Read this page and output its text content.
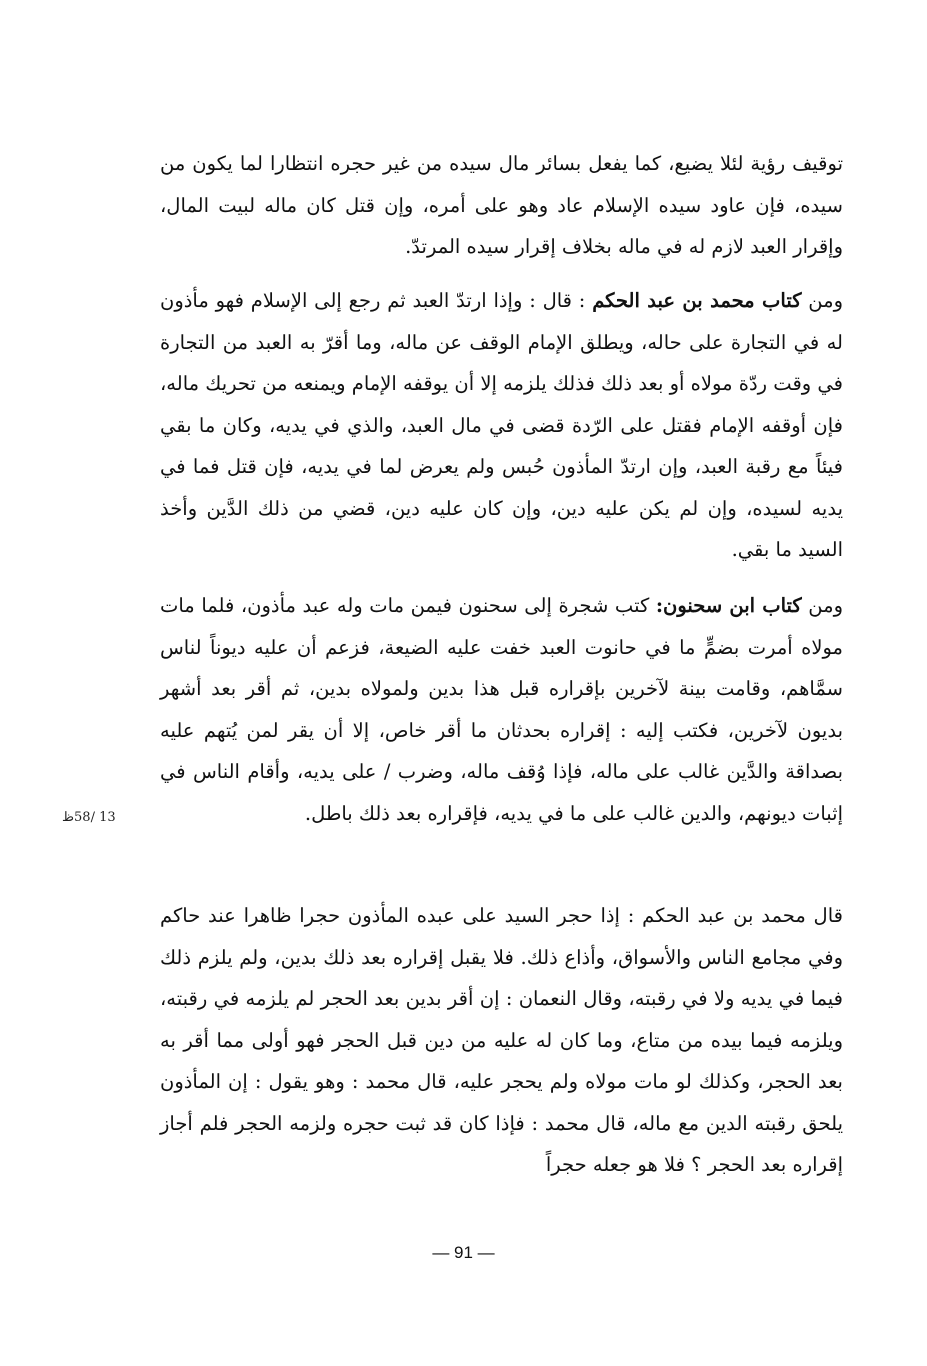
توقيف رؤية لئلا يضيع، كما يفعل بسائر مال سيده من غير حجره انتظارا لما يكون من سيده، فإن عاود سيده الإسلام عاد وهو على أمره، وإن قتل كان ماله لبيت المال، وإقرار العبد لازم له في ماله بخلاف إقرار سيده المرتدّ.

ومن كتاب محمد بن عبد الحكم : قال : وإذا ارتدّ العبد ثم رجع إلى الإسلام فهو مأذون له في التجارة على حاله، ويطلق الإمام الوقف عن ماله، وما أقرّ به العبد من التجارة في وقت ردّة مولاه أو بعد ذلك فذلك يلزمه إلا أن يوقفه الإمام ويمنعه من تحريك ماله، فإن أوقفه الإمام فقتل على الرّدة قضى في مال العبد، والذي في يديه، وكان ما بقي فيئاً مع رقبة العبد، وإن ارتدّ المأذون حُبس ولم يعرض لما في يديه، فإن قتل فما في يديه لسيده، وإن لم يكن عليه دين، وإن كان عليه دين، قضي من ذلك الدَّين وأخذ السيد ما بقي.

ومن كتاب ابن سحنون: كتب شجرة إلى سحنون فيمن مات وله عبد مأذون، فلما مات مولاه أمرت بضمٍّ ما في حانوت العبد خفت عليه الضيعة، فزعم أن عليه ديوناً لناس سمَّاهم، وقامت بينة لآخرين بإقراره قبل هذا بدين ولمولاه بدين، ثم أقر بعد أشهر بديون لآخرين، فكتب إليه : إقراره بحدثان ما أقر خاص، إلا أن يقر لمن يُتهم عليه بصداقة والدَّين غالب على ماله، فإذا وُقف ماله، وضرب / على يديه، وأقام الناس في إثبات ديونهم، والدين غالب على ما في يديه، فإقراره بعد ذلك باطل.

قال محمد بن عبد الحكم : إذا حجر السيد على عبده المأذون حجرا ظاهرا عند حاكم وفي مجامع الناس والأسواق، وأذاع ذلك. فلا يقبل إقراره بعد ذلك بدين، ولم يلزم ذلك فيما في يديه ولا في رقبته، وقال النعمان : إن أقر بدين بعد الحجر لم يلزمه في رقبته، ويلزمه فيما بيده من متاع، وما كان له عليه من دين قبل الحجر فهو أولى مما أقر به بعد الحجر، وكذلك لو مات مولاه ولم يحجر عليه، قال محمد : وهو يقول : إن المأذون يلحق رقبته الدين مع ماله، قال محمد : فإذا كان قد ثبت حجره ولزمه الحجر فلم أجاز إقراره بعد الحجر ؟ فلا هو جعله حجراً

13 /58ظ
— 91 —
